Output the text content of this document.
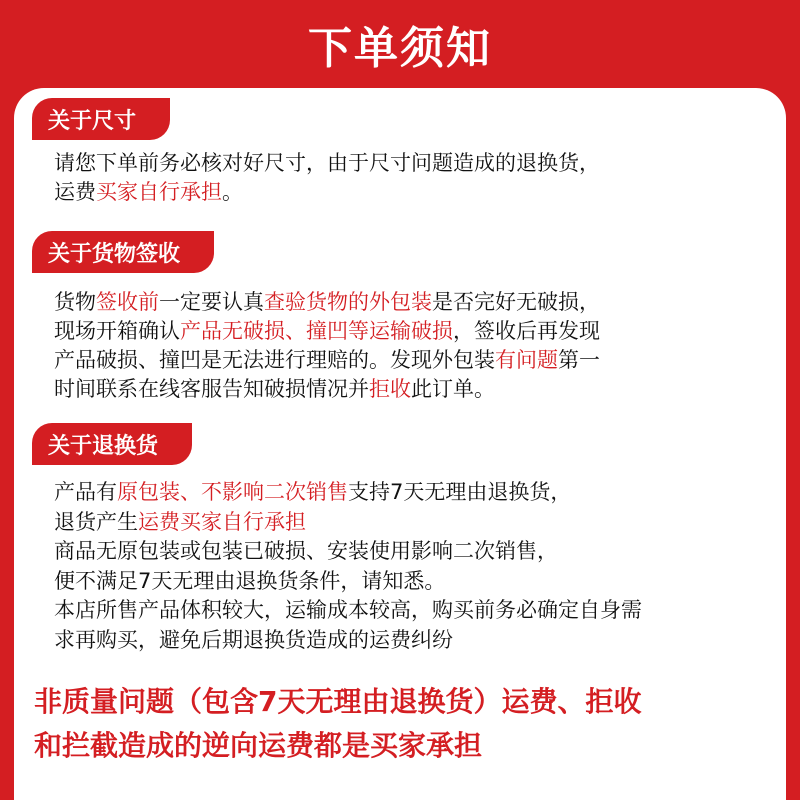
下单须知
关于尺寸
请您下单前务必核对好尺寸，由于尺寸问题造成的退换货，
运费买家自行承担。
关于货物签收
货物签收前一定要认真查验货物的外包装是否完好无破损，
现场开箱确认产品无破损、撞凹等运输破损，签收后再发现
产品破损、撞凹是无法进行理赔的。发现外包装有问题第一
时间联系在线客服告知破损情况并拒收此订单。
关于退换货
产品有原包装、不影响二次销售支持7天无理由退换货，
退货产生运费买家自行承担
商品无原包装或包装已破损、安装使用影响二次销售，
便不满足7天无理由退换货条件，请知悉。
本店所售产品体积较大，运输成本较高，购买前务必确定自身需
求再购买，避免后期退换货造成的运费纠纷
非质量问题（包含7天无理由退换货）运费、拒收
和拦截造成的逆向运费都是买家承担
